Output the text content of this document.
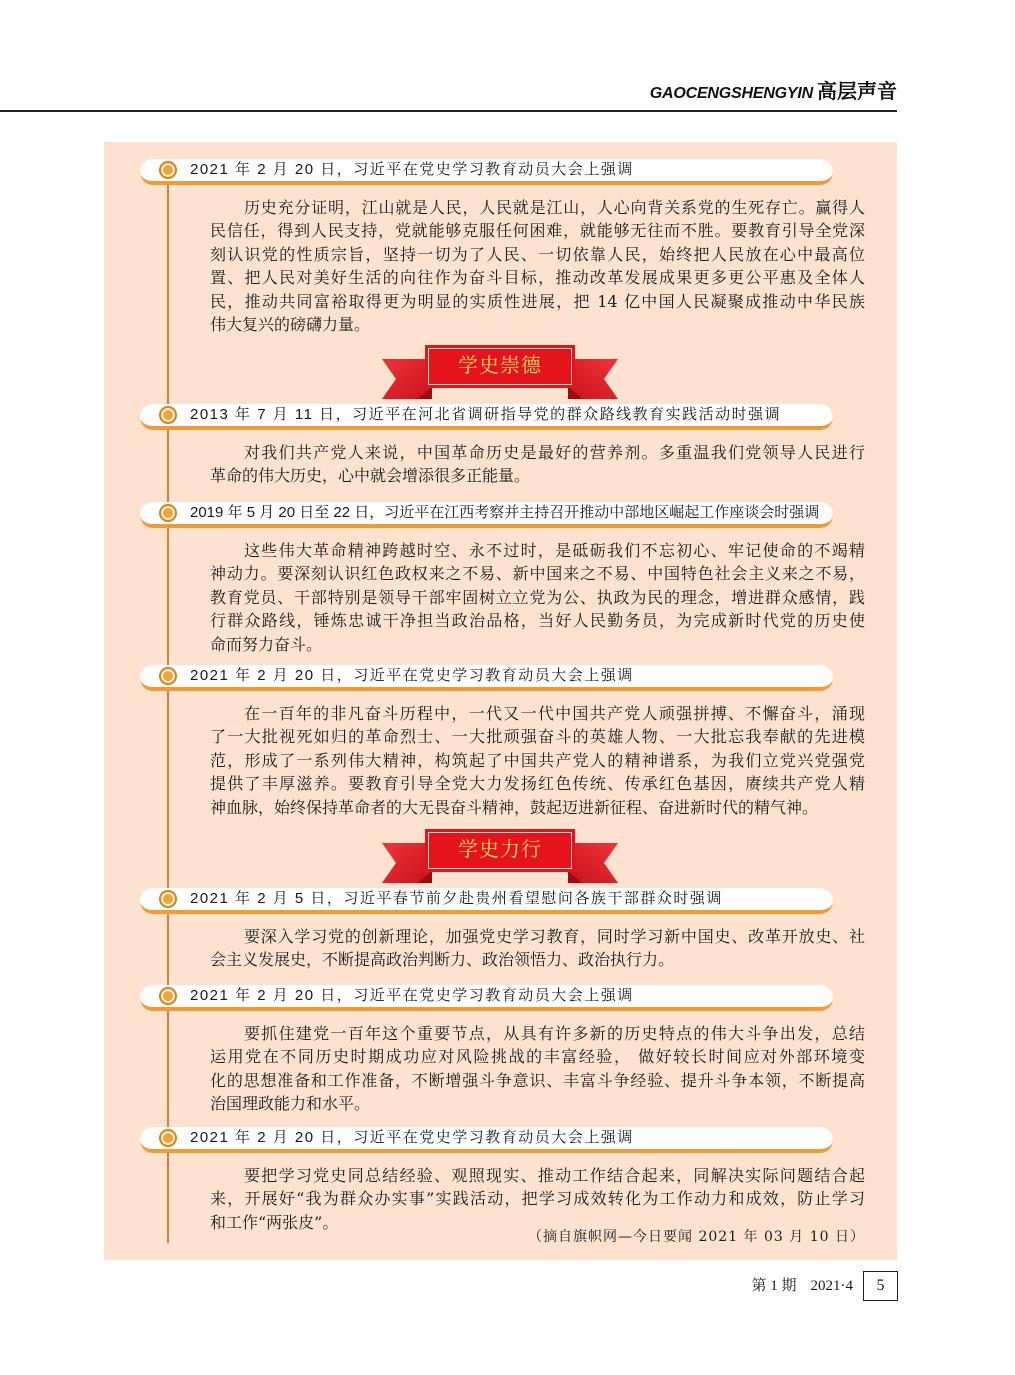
GAOCENGSHENGYIN 高层声音
2021 年 2 月 20 日，习近平在党史学习教育动员大会上强调
历史充分证明，江山就是人民，人民就是江山，人心向背关系党的生死存亡。赢得人
民信任，得到人民支持，党就能够克服任何困难，就能够无往而不胜。要教育引导全党深
刻认识党的性质宗旨，坚持一切为了人民、一切依靠人民，始终把人民放在心中最高位
置、把人民对美好生活的向往作为奋斗目标，推动改革发展成果更多更公平惠及全体人
民，推动共同富裕取得更为明显的实质性进展，把 14 亿中国人民凝聚成推动中华民族
伟大复兴的磅礴力量。
学史崇德
2013 年 7 月 11 日，习近平在河北省调研指导党的群众路线教育实践活动时强调
对我们共产党人来说，中国革命历史是最好的营养剂。多重温我们党领导人民进行
革命的伟大历史，心中就会增添很多正能量。
2019 年 5 月 20 日至 22 日，习近平在江西考察并主持召开推动中部地区崛起工作座谈会时强调
这些伟大革命精神跨越时空、永不过时，是砥砺我们不忘初心、牢记使命的不竭精
神动力。要深刻认识红色政权来之不易、新中国来之不易、中国特色社会主义来之不易，
教育党员、干部特别是领导干部牢固树立立党为公、执政为民的理念，增进群众感情，践
行群众路线，锤炼忠诚干净担当政治品格，当好人民勤务员，为完成新时代党的历史使
命而努力奋斗。
2021 年 2 月 20 日，习近平在党史学习教育动员大会上强调
在一百年的非凡奋斗历程中，一代又一代中国共产党人顽强拼搏、不懈奋斗，涌现
了一大批视死如归的革命烈士、一大批顽强奋斗的英雄人物、一大批忘我奉献的先进模
范，形成了一系列伟大精神，构筑起了中国共产党人的精神谱系，为我们立党兴党强党
提供了丰厚滋养。要教育引导全党大力发扬红色传统、传承红色基因，赓续共产党人精
神血脉，始终保持革命者的大无畏奋斗精神，鼓起迈进新征程、奋进新时代的精气神。
学史力行
2021 年 2 月 5 日，习近平春节前夕赴贵州看望慰问各族干部群众时强调
要深入学习党的创新理论，加强党史学习教育，同时学习新中国史、改革开放史、社
会主义发展史，不断提高政治判断力、政治领悟力、政治执行力。
2021 年 2 月 20 日，习近平在党史学习教育动员大会上强调
要抓住建党一百年这个重要节点，从具有许多新的历史特点的伟大斗争出发，总结
运用党在不同历史时期成功应对风险挑战的丰富经验， 做好较长时间应对外部环境变
化的思想准备和工作准备，不断增强斗争意识、丰富斗争经验、提升斗争本领，不断提高
治国理政能力和水平。
2021 年 2 月 20 日，习近平在党史学习教育动员大会上强调
要把学习党史同总结经验、观照现实、推动工作结合起来，同解决实际问题结合起
来，开展好“我为群众办实事”实践活动，把学习成效转化为工作动力和成效，防止学习
和工作“两张皮”。
（摘自旗帜网—今日要闻 2021 年 03 月 10 日）
第 1 期 2021·4	5
